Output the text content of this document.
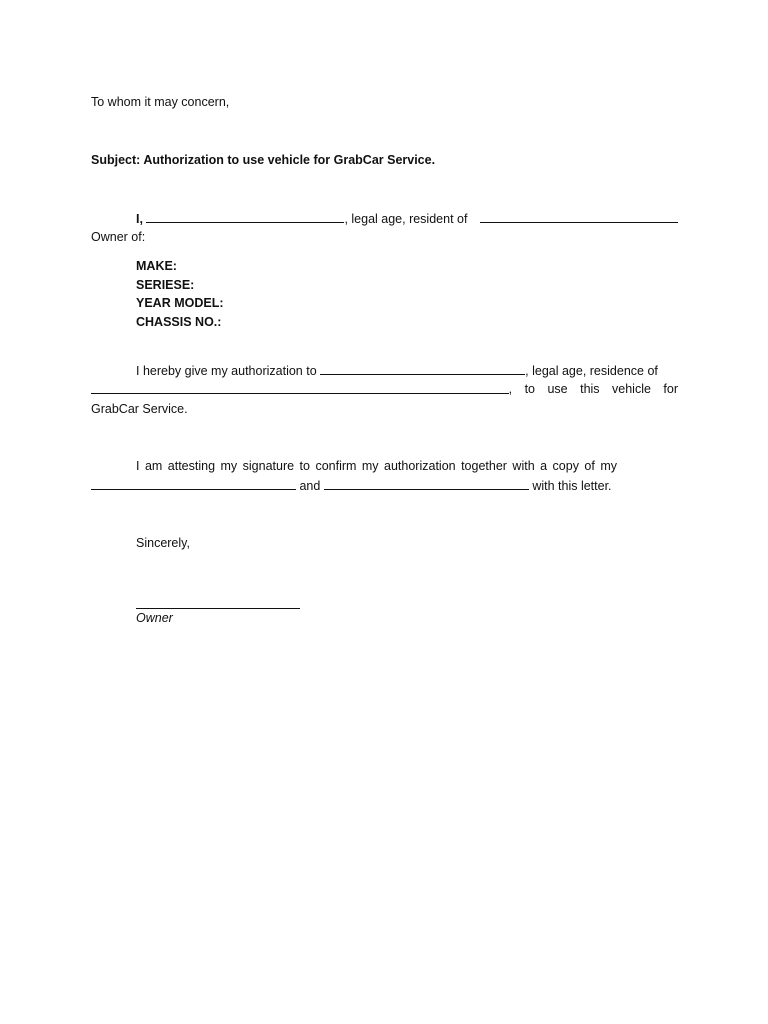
To whom it may concern,
Subject: Authorization to use vehicle for GrabCar Service.
I,	, legal age, resident of
Owner of:
MAKE:
SERIESE:
YEAR MODEL:
CHASSIS NO.:
I hereby give my authorization to	, legal age, residence of
, to use this vehicle for
GrabCar Service.
I am attesting my signature to confirm my authorization together with a copy of my
and	with this letter.
Sincerely,
Owner
